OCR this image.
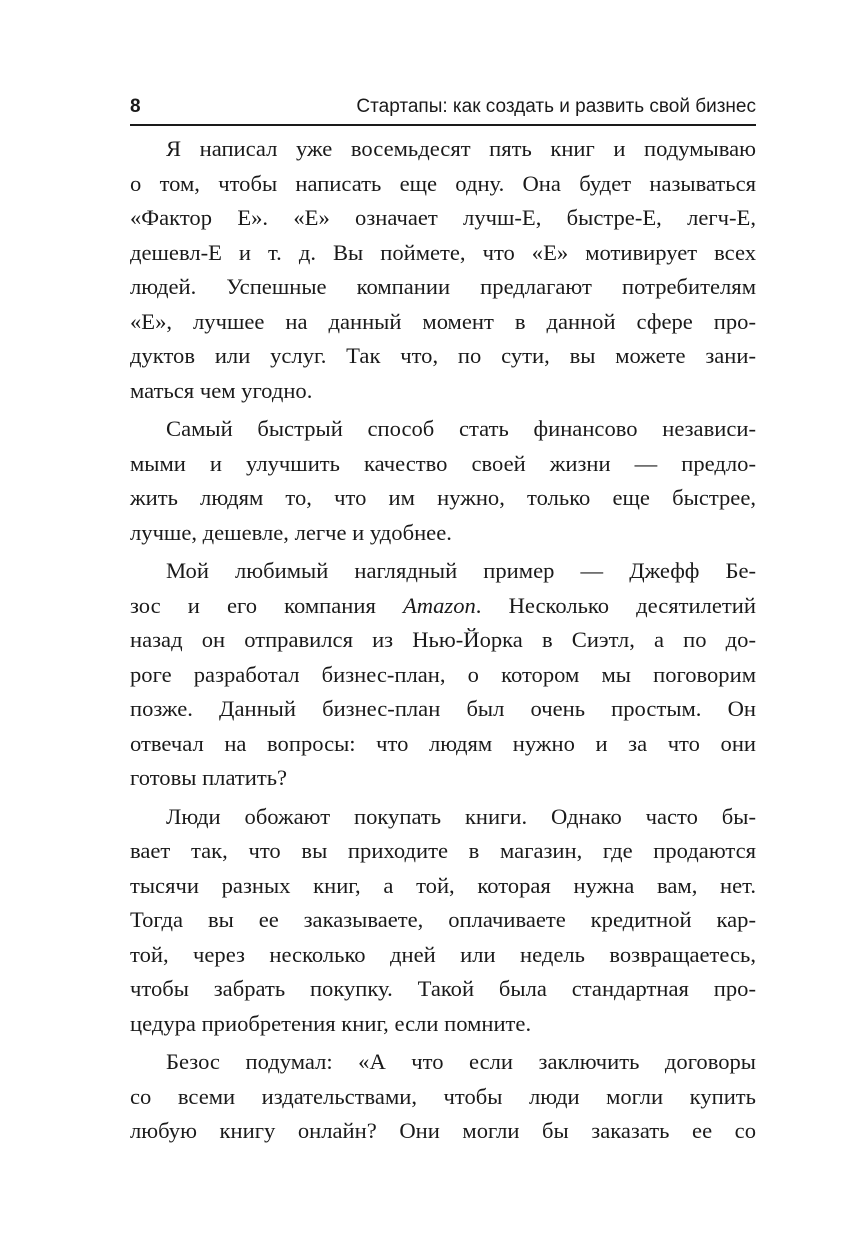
8	Стартапы: как создать и развить свой бизнес
Я написал уже восемьдесят пять книг и подумываю
о том, чтобы написать еще одну. Она будет называться
«Фактор Е». «Е» означает лучш-Е, быстре-Е, легч-Е,
дешевл-Е и т. д. Вы поймете, что «Е» мотивирует всех
людей. Успешные компании предлагают потребителям
«Е», лучшее на данный момент в данной сфере про-
дуктов или услуг. Так что, по сути, вы можете зани-
маться чем угодно.
Самый быстрый способ стать финансово независи-
мыми и улучшить качество своей жизни — предло-
жить людям то, что им нужно, только еще быстрее,
лучше, дешевле, легче и удобнее.
Мой любимый наглядный пример — Джефф Бе-
зос и его компания Amazon. Несколько десятилетий
назад он отправился из Нью-Йорка в Сиэтл, а по до-
роге разработал бизнес-план, о котором мы поговорим
позже. Данный бизнес-план был очень простым. Он
отвечал на вопросы: что людям нужно и за что они
готовы платить?
Люди обожают покупать книги. Однако часто бы-
вает так, что вы приходите в магазин, где продаются
тысячи разных книг, а той, которая нужна вам, нет.
Тогда вы ее заказываете, оплачиваете кредитной кар-
той, через несколько дней или недель возвращаетесь,
чтобы забрать покупку. Такой была стандартная про-
цедура приобретения книг, если помните.
Безос подумал: «А что если заключить договоры
со всеми издательствами, чтобы люди могли купить
любую книгу онлайн? Они могли бы заказать ее со
